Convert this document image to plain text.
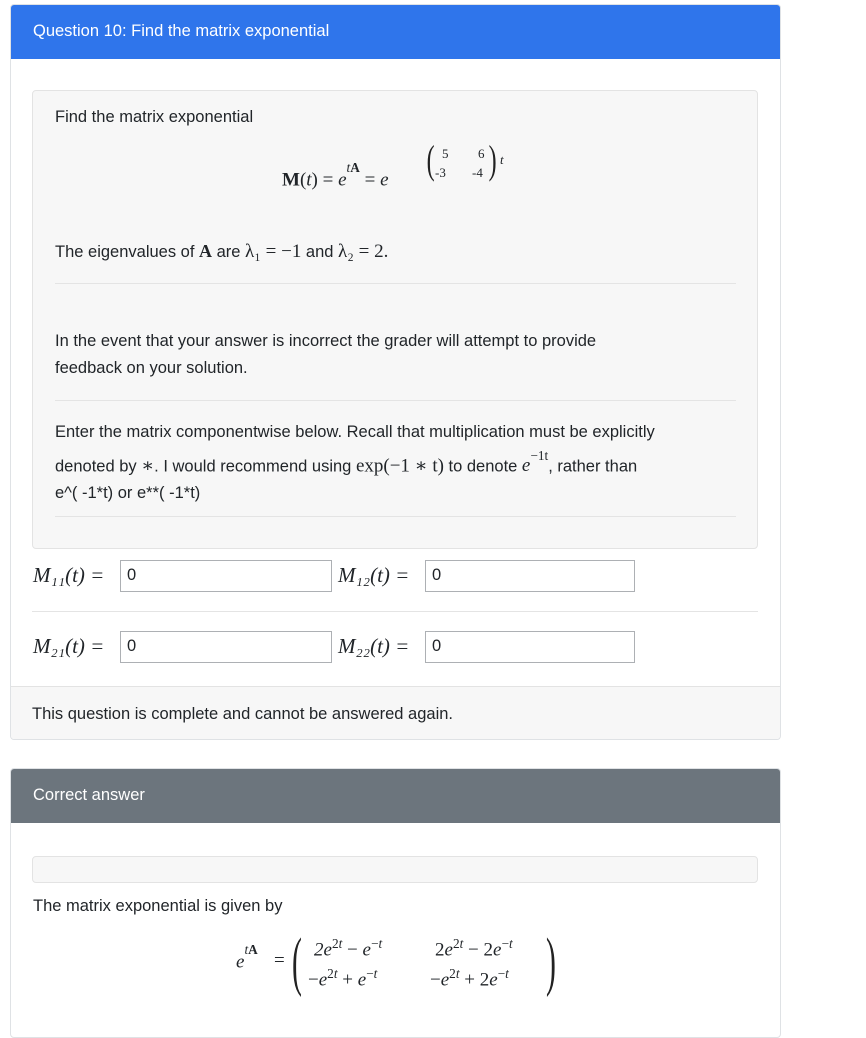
Question 10: Find the matrix exponential
Find the matrix exponential
$M(t) = e^{tA} = e$ ( 5 6
-3 -4 ) t
The eigenvalues of A are λ₁ = −1 and λ₂ = 2.
In the event that your answer is incorrect the grader will attempt to provide
feedback on your solution.
Enter the matrix componentwise below. Recall that multiplication must be explicitly
denoted by ∗. I would recommend using exp(−1 ∗ t) to denote $e^{-1t}$, rather than
e^( -1*t) or e**( -1*t)
M₁₁(t) =	0	M₁₂(t) =	0
M₂₁(t) =	0	M₂₂(t) =	0
This question is complete and cannot be answered again.
Correct answer
The matrix exponential is given by
$e^{tA}$
= ( $2e^{2t} - e^{-t}$	$2e^{2t} - 2e^{-t}$
$-e^{2t} + e^{-t}$	$-e^{2t} + 2e^{-t}$ )
